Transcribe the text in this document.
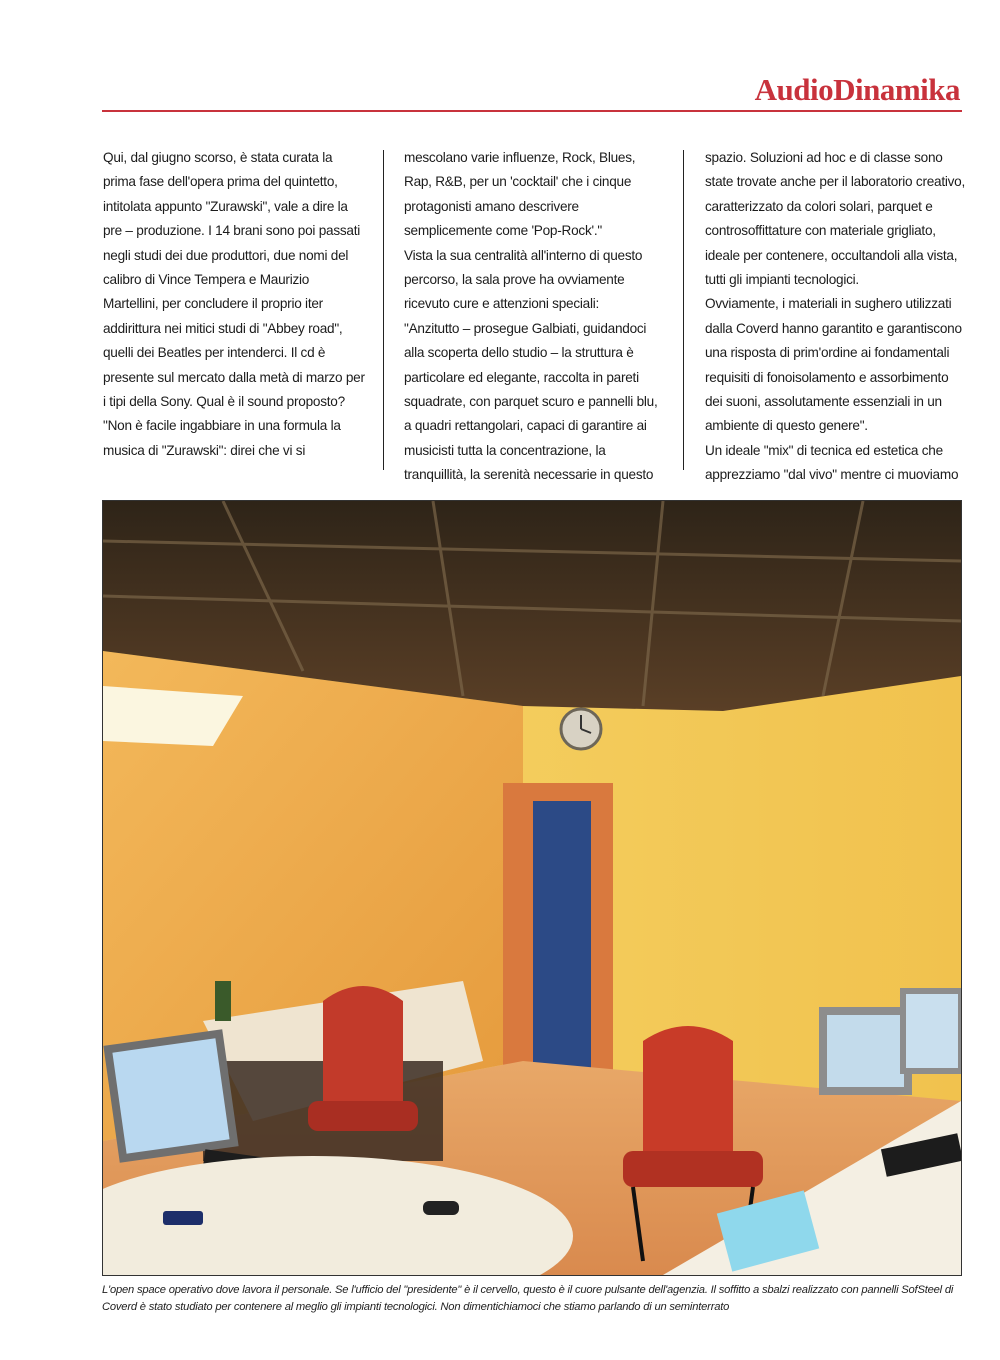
AudioDinamika

Qui, dal giugno scorso, è stata curata la prima fase dell'opera prima del quintetto, intitolata appunto "Zurawski", vale a dire la pre – produzione. I 14 brani sono poi passati negli studi dei due produttori, due nomi del calibro di Vince Tempera e Maurizio Martellini, per concludere il proprio iter addirittura nei mitici studi di "Abbey road", quelli dei Beatles per intenderci. Il cd è presente sul mercato dalla metà di marzo per i tipi della Sony. Qual è il sound proposto?

"Non è facile ingabbiare in una formula la musica di "Zurawski": direi che vi si

mescolano varie influenze, Rock, Blues, Rap, R&B, per un 'cocktail' che i cinque protagonisti amano descrivere semplicemente come 'Pop-Rock'."

Vista la sua centralità all'interno di questo percorso, la sala prove ha ovviamente ricevuto cure e attenzioni speciali:

"Anzitutto – prosegue Galbiati, guidandoci alla scoperta dello studio – la struttura è particolare ed elegante, raccolta in pareti squadrate, con parquet scuro e pannelli blu, a quadri rettangolari, capaci di garantire ai musicisti tutta la concentrazione, la tranquillità, la serenità necessarie in questo

spazio. Soluzioni ad hoc e di classe sono state trovate anche per il laboratorio creativo, caratterizzato da colori solari, parquet e controsoffittature con materiale grigliato, ideale per contenere, occultandoli alla vista, tutti gli impianti tecnologici.

Ovviamente, i materiali in sughero utilizzati dalla Coverd hanno garantito e garantiscono una risposta di prim'ordine ai fondamentali requisiti di fonoisolamento e assorbimento dei suoni, assolutamente essenziali in un ambiente di questo genere".

Un ideale "mix" di tecnica ed estetica che apprezziamo "dal vivo" mentre ci muoviamo

L'open space operativo dove lavora il personale. Se l'ufficio del "presidente" è il cervello, questo è il cuore pulsante dell'agenzia. Il soffitto a sbalzi realizzato con pannelli SofSteel di Coverd è stato studiato per contenere al meglio gli impianti tecnologici. Non dimentichiamoci che stiamo parlando di un seminterrato
